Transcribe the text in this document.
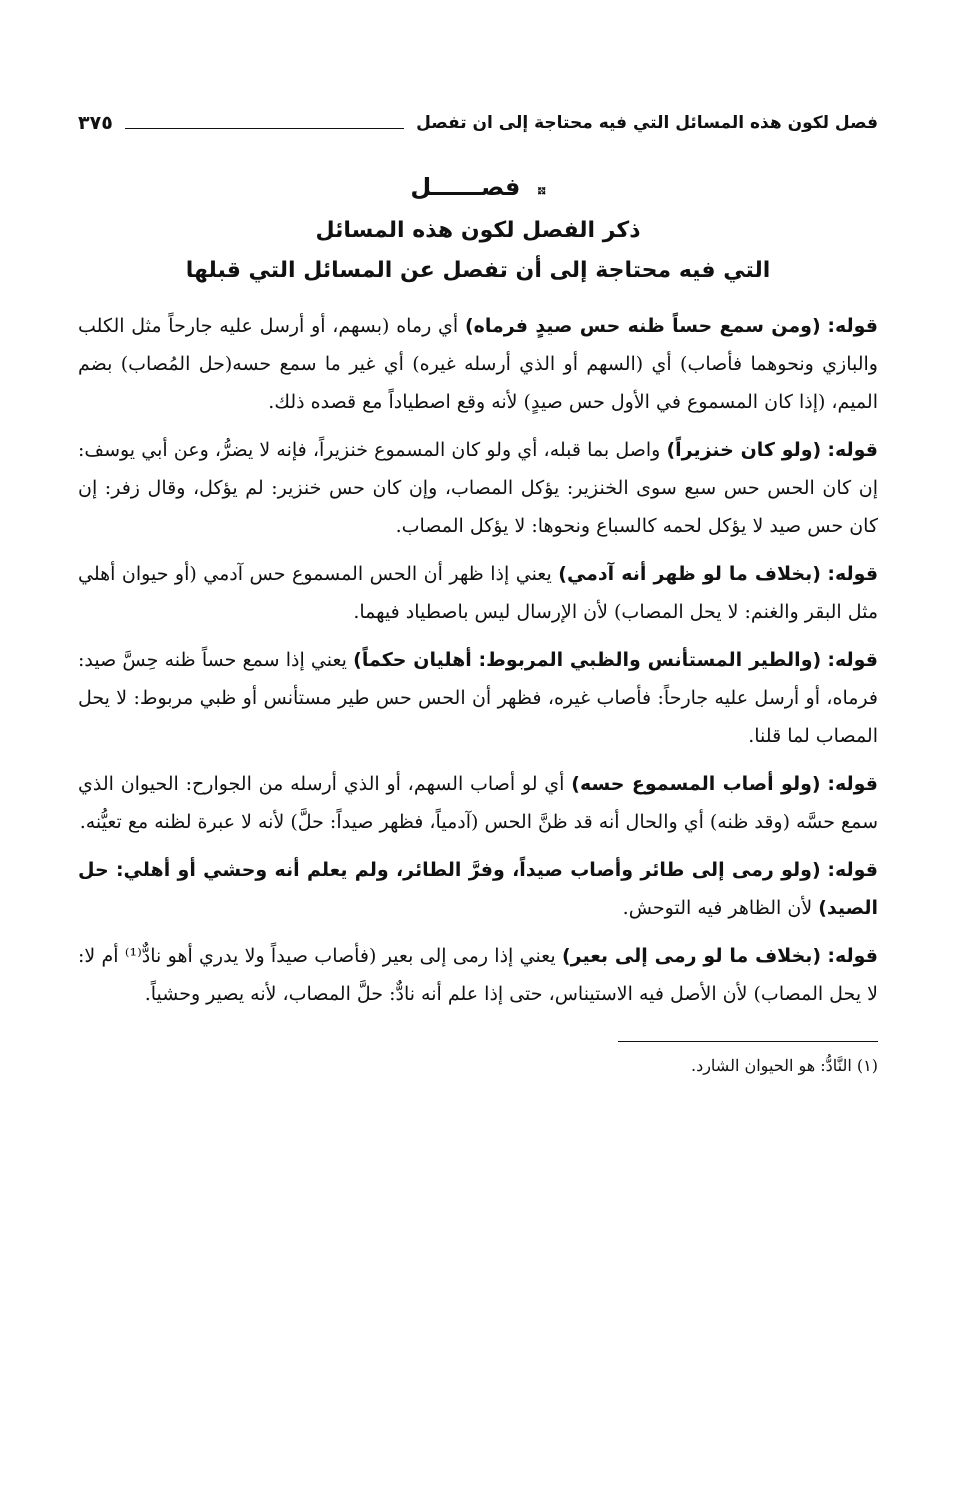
فصل لكون هذه المسائل التي فيه محتاجة إلى ان تفصل
٣٧٥
✥ فصــــــل
ذكر الفصل لكون هذه المسائل
التي فيه محتاجة إلى أن تفصل عن المسائل التي قبلها

قوله: (ومن سمع حساً ظنه حس صيدٍ فرماه) أي رماه (بسهم، أو أرسل عليه جارحاً مثل الكلب والبازي ونحوهما فأصاب) أي (السهم أو الذي أرسله غيره) أي غير ما سمع حسه(حل المُصاب) بضم الميم، (إذا كان المسموع في الأول حس صيدٍ) لأنه وقع اصطياداً مع قصده ذلك.

قوله: (ولو كان خنزيراً) واصل بما قبله، أي ولو كان المسموع خنزيراً، فإنه لا يضرُّ، وعن أبي يوسف: إن كان الحس حس سبع سوى الخنزير: يؤكل المصاب، وإن كان حس خنزير: لم يؤكل، وقال زفر: إن كان حس صيد لا يؤكل لحمه كالسباع ونحوها: لا يؤكل المصاب.

قوله: (بخلاف ما لو ظهر أنه آدمي) يعني إذا ظهر أن الحس المسموع حس آدمي (أو حيوان أهلي مثل البقر والغنم: لا يحل المصاب) لأن الإرسال ليس باصطياد فيهما.

قوله: (والطير المستأنس والظبي المربوط: أهليان حكماً) يعني إذا سمع حساً ظنه حِسَّ صيد: فرماه، أو أرسل عليه جارحاً: فأصاب غيره، فظهر أن الحس حس طير مستأنس أو ظبي مربوط: لا يحل المصاب لما قلنا.

قوله: (ولو أصاب المسموع حسه) أي لو أصاب السهم، أو الذي أرسله من الجوارح: الحيوان الذي سمع حسَّه (وقد ظنه) أي والحال أنه قد ظنَّ الحس (آدمياً، فظهر صيداً: حلَّ) لأنه لا عبرة لظنه مع تعيُّنه.

قوله: (ولو رمى إلى طائر وأصاب صيداً، وفرَّ الطائر، ولم يعلم أنه وحشي أو أهلي: حل الصيد) لأن الظاهر فيه التوحش.

قوله: (بخلاف ما لو رمى إلى بعير) يعني إذا رمى إلى بعير (فأصاب صيداً ولا يدري أهو نادٌّ⁽¹⁾ أم لا: لا يحل المصاب) لأن الأصل فيه الاستيناس، حتى إذا علم أنه نادٌّ: حلَّ المصاب، لأنه يصير وحشياً.

(١) النَّادُّ: هو الحيوان الشارد.
